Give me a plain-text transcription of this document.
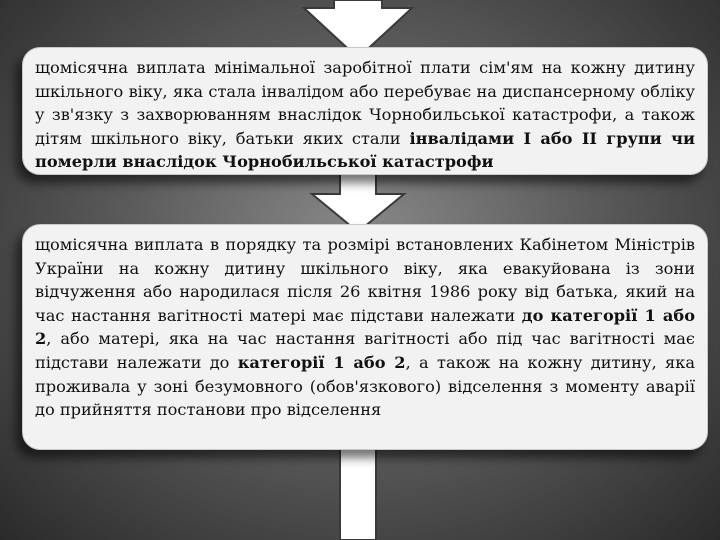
щомісячна виплата мінімальної заробітної плати сім'ям на кожну дитину шкільного віку, яка стала інвалідом або перебуває на диспансерному обліку у зв'язку з захворюванням внаслідок Чорнобильської катастрофи, а також дітям шкільного віку, батьки яких стали інвалідами І або ІІ групи чи померли внаслідок Чорнобильської катастрофи

щомісячна виплата в порядку та розмірі встановлених Кабінетом Міністрів України на кожну дитину шкільного віку, яка евакуйована із зони відчуження або народилася після 26 квітня 1986 року від батька, який на час настання вагітності матері має підстави належати до категорії 1 або 2, або матері, яка на час настання вагітності або під час вагітності має підстави належати до категорії 1 або 2, а також на кожну дитину, яка проживала у зоні безумовного (обов'язкового) відселення з моменту аварії до прийняття постанови про відселення
